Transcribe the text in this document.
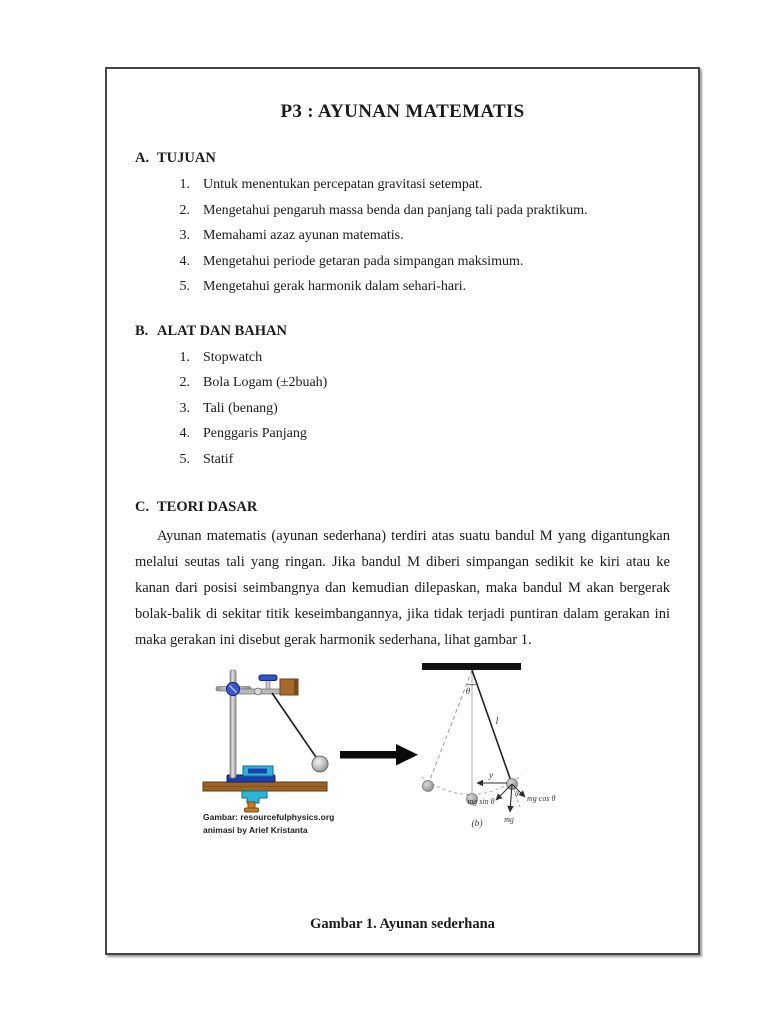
P3 : AYUNAN MATEMATIS

A. TUJUAN

1. Untuk menentukan percepatan gravitasi setempat.
2. Mengetahui pengaruh massa benda dan panjang tali pada praktikum.
3. Memahami azaz ayunan matematis.
4. Mengetahui periode getaran pada simpangan maksimum.
5. Mengetahui gerak harmonik dalam sehari-hari.

B. ALAT DAN BAHAN

1. Stopwatch
2. Bola Logam (±2buah)
3. Tali (benang)
4. Penggaris Panjang
5. Statif

C. TEORI DASAR

Ayunan matematis (ayunan sederhana) terdiri atas suatu bandul M yang digantungkan melalui seutas tali yang ringan. Jika bandul M diberi simpangan sedikit ke kiri atau ke kanan dari posisi seimbangnya dan kemudian dilepaskan, maka bandul M akan bergerak bolak-balik di sekitar titik keseimbangannya, jika tidak terjadi puntiran dalam gerakan ini maka gerakan ini disebut gerak harmonik sederhana, lihat gambar 1.

θ
l
y
θ
mg sin θ	mg cos θ
mg
(b)
Gambar: resourcefulphysics.org
animasi by Arief Kristanta

Gambar 1. Ayunan sederhana
